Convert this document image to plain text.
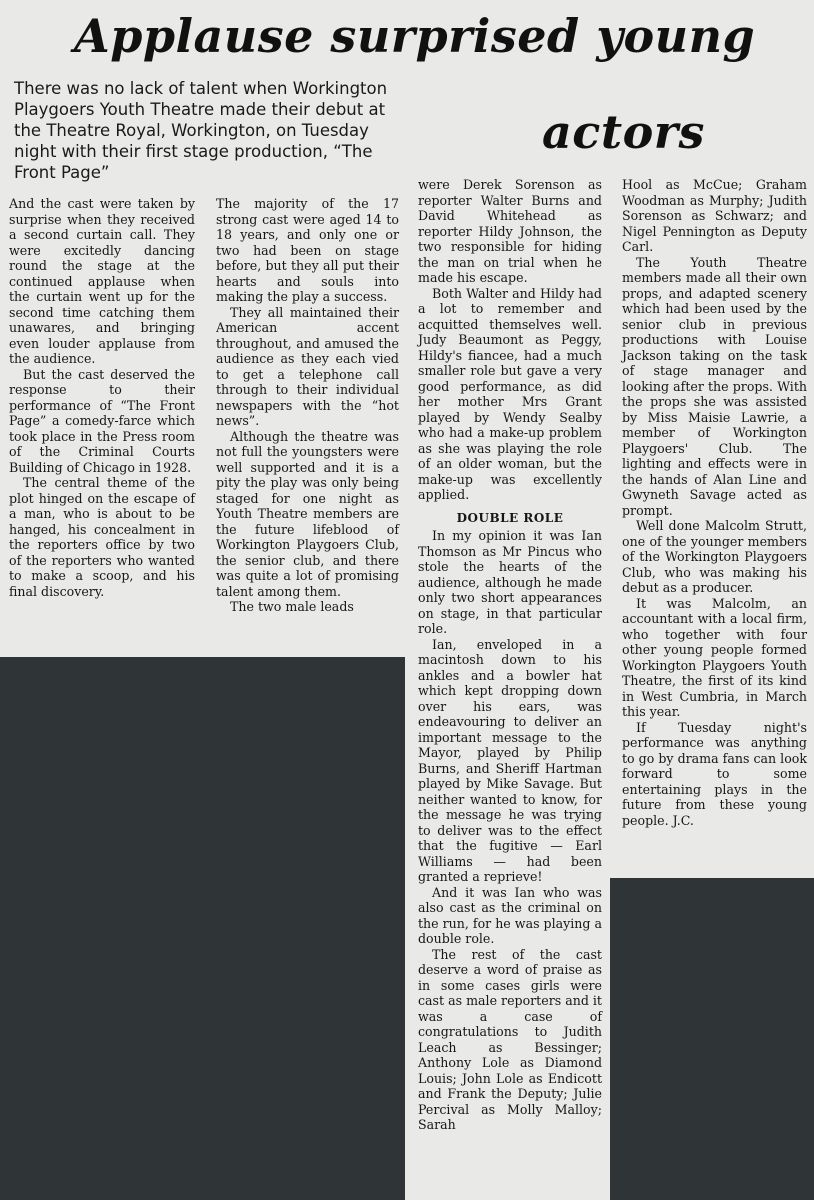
Applause surprised young
actors

There was no lack of talent when Workington Playgoers Youth Theatre made their debut at the Theatre Royal, Workington, on Tuesday night with their first stage production, “The Front Page”

And the cast were taken by surprise when they received a second curtain call. They were excitedly dancing round the stage at the continued applause when the curtain went up for the second time catching them unawares, and bringing even louder applause from the audience.

But the cast deserved the response to their performance of “The Front Page” a comedy-farce which took place in the Press room of the Criminal Courts Building of Chicago in 1928.

The central theme of the plot hinged on the escape of a man, who is about to be hanged, his concealment in the reporters office by two of the reporters who wanted to make a scoop, and his final discovery.

The majority of the 17 strong cast were aged 14 to 18 years, and only one or two had been on stage before, but they all put their hearts and souls into making the play a success.

They all maintained their American accent throughout, and amused the audience as they each vied to get a telephone call through to their individual newspapers with the “hot news”.

Although the theatre was not full the youngsters were well supported and it is a pity the play was only being staged for one night as Youth Theatre members are the future lifeblood of Workington Playgoers Club, the senior club, and there was quite a lot of promising talent among them.

The two male leads

were Derek Sorenson as reporter Walter Burns and David Whitehead as reporter Hildy Johnson, the two responsible for hiding the man on trial when he made his escape.

Both Walter and Hildy had a lot to remember and acquitted themselves well. Judy Beaumont as Peggy, Hildy's fiancee, had a much smaller role but gave a very good performance, as did her mother Mrs Grant played by Wendy Sealby who had a make-up problem as she was playing the role of an older woman, but the make-up was excellently applied.

DOUBLE ROLE

In my opinion it was Ian Thomson as Mr Pincus who stole the hearts of the audience, although he made only two short appearances on stage, in that particular role.

Ian, enveloped in a macintosh down to his ankles and a bowler hat which kept dropping down over his ears, was endeavouring to deliver an important message to the Mayor, played by Philip Burns, and Sheriff Hartman played by Mike Savage. But neither wanted to know, for the message he was trying to deliver was to the effect that the fugitive — Earl Williams — had been granted a reprieve!

And it was Ian who was also cast as the criminal on the run, for he was playing a double role.

The rest of the cast deserve a word of praise as in some cases girls were cast as male reporters and it was a case of congratulations to Judith Leach as Bessinger; Anthony Lole as Diamond Louis; John Lole as Endicott and Frank the Deputy; Julie Percival as Molly Malloy; Sarah

Hool as McCue; Graham Woodman as Murphy; Judith Sorenson as Schwarz; and Nigel Pennington as Deputy Carl.

The Youth Theatre members made all their own props, and adapted scenery which had been used by the senior club in previous productions with Louise Jackson taking on the task of stage manager and looking after the props. With the props she was assisted by Miss Maisie Lawrie, a member of Workington Playgoers' Club. The lighting and effects were in the hands of Alan Line and Gwyneth Savage acted as prompt.

Well done Malcolm Strutt, one of the younger members of the Workington Playgoers Club, who was making his debut as a producer.

It was Malcolm, an accountant with a local firm, who together with four other young people formed Workington Playgoers Youth Theatre, the first of its kind in West Cumbria, in March this year.

If Tuesday night's performance was anything to go by drama fans can look forward to some entertaining plays in the future from these young people. J.C.
